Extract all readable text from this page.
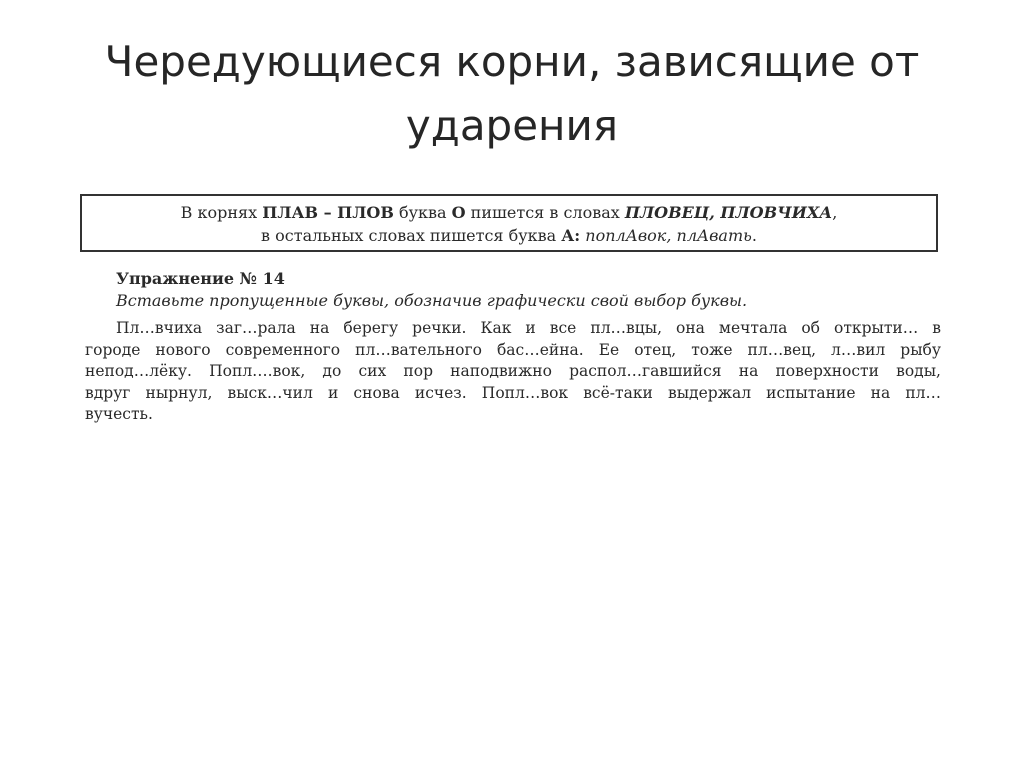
Чередующиеся корни, зависящие от
ударения
В корнях ПЛАВ – ПЛОВ буква О пишется в словах ПЛОВЕЦ, ПЛОВЧИХА,
в остальных словах пишется буква А: поплАвок, плАвать.
Упражнение № 14
Вставьте пропущенные буквы, обозначив графически свой выбор буквы.
Пл…вчиха заг…рала на берегу речки. Как и все пл…вцы, она мечтала об открыти… в
городе нового современного пл…вательного бас…ейна. Ее отец, тоже пл…вец, л…вил рыбу
непод…лёку. Попл….вок, до сих пор наподвижно распол…гавшийся на поверхности воды,
вдруг нырнул, выск…чил и снова исчез. Попл…вок всё-таки выдержал испытание на пл…
вучесть.
